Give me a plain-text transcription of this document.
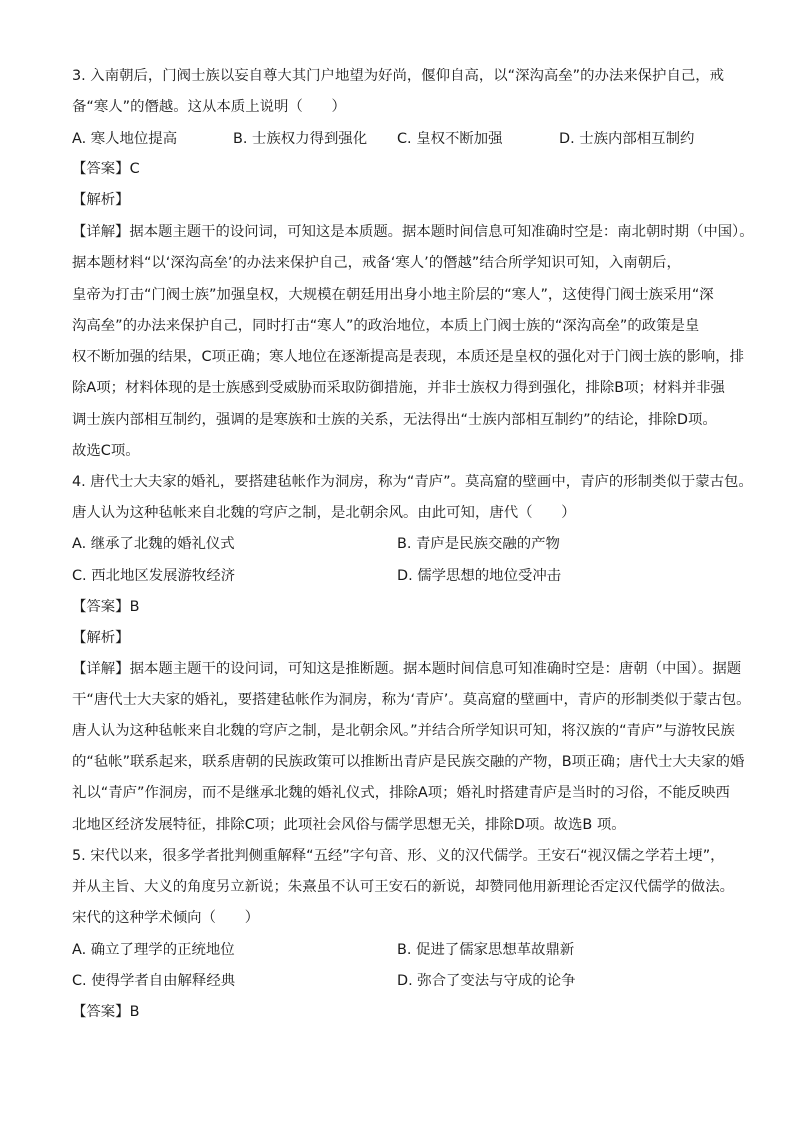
3. 入南朝后，门阀士族以妄自尊大其门户地望为好尚，偃仰自高，以“深沟高垒”的办法来保护自己，戒
备“寒人”的僭越。这从本质上说明（　　）
A. 寒人地位提高	B. 士族权力得到强化 C. 皇权不断加强	D. 士族内部相互制约
【答案】C
【解析】
【详解】据本题主题干的设问词，可知这是本质题。据本题时间信息可知准确时空是：南北朝时期（中国）。
据本题材料“以‘深沟高垒’的办法来保护自己，戒备‘寒人’的僭越”结合所学知识可知，入南朝后，
皇帝为打击“门阀士族”加强皇权，大规模在朝廷用出身小地主阶层的“寒人”，这使得门阀士族采用“深
沟高垒”的办法来保护自己，同时打击“寒人”的政治地位，本质上门阀士族的“深沟高垒”的政策是皇
权不断加强的结果，C项正确；寒人地位在逐渐提高是表现，本质还是皇权的强化对于门阀士族的影响，排
除A项；材料体现的是士族感到受威胁而采取防御措施，并非士族权力得到强化，排除B项；材料并非强
调士族内部相互制约，强调的是寒族和士族的关系，无法得出“士族内部相互制约”的结论，排除D项。
故选C项。
4. 唐代士大夫家的婚礼，要搭建毡帐作为洞房，称为“青庐”。莫高窟的壁画中，青庐的形制类似于蒙古包。
唐人认为这种毡帐来自北魏的穹庐之制，是北朝余风。由此可知，唐代（　　）
A. 继承了北魏的婚礼仪式	B. 青庐是民族交融的产物
C. 西北地区发展游牧经济	D. 儒学思想的地位受冲击
【答案】B
【解析】
【详解】据本题主题干的设问词，可知这是推断题。据本题时间信息可知准确时空是：唐朝（中国）。据题
干“唐代士大夫家的婚礼，要搭建毡帐作为洞房，称为‘青庐’。莫高窟的壁画中，青庐的形制类似于蒙古包。
唐人认为这种毡帐来自北魏的穹庐之制，是北朝余风。”并结合所学知识可知，将汉族的“青庐”与游牧民族
的“毡帐”联系起来，联系唐朝的民族政策可以推断出青庐是民族交融的产物，B项正确；唐代士大夫家的婚
礼以“青庐”作洞房，而不是继承北魏的婚礼仪式，排除A项；婚礼时搭建青庐是当时的习俗，不能反映西
北地区经济发展特征，排除C项；此项社会风俗与儒学思想无关，排除D项。故选B 项。
5. 宋代以来，很多学者批判侧重解释“五经”字句音、形、义的汉代儒学。王安石“视汉儒之学若土埂”，
并从主旨、大义的角度另立新说；朱熹虽不认可王安石的新说，却赞同他用新理论否定汉代儒学的做法。
宋代的这种学术倾向（　　）
A. 确立了理学的正统地位	B. 促进了儒家思想革故鼎新
C. 使得学者自由解释经典	D. 弥合了变法与守成的论争
【答案】B
